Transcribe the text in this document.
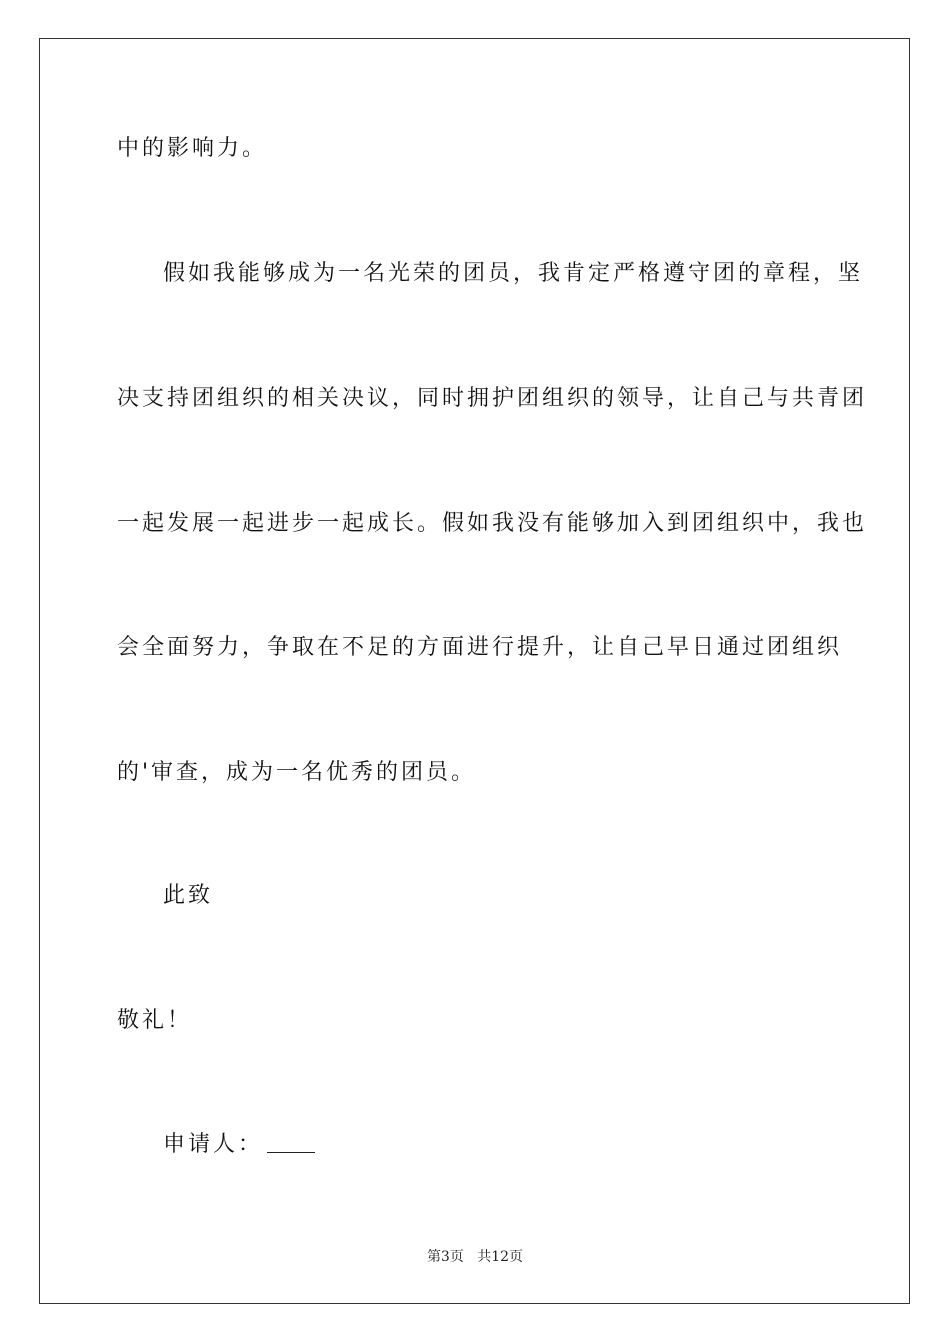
中的影响力。
假如我能够成为一名光荣的团员，我肯定严格遵守团的章程，坚
决支持团组织的相关决议，同时拥护团组织的领导，让自己与共青团
一起发展一起进步一起成长。假如我没有能够加入到团组织中，我也
会全面努力，争取在不足的方面进行提升，让自己早日通过团组织
的'审查，成为一名优秀的团员。
此致
敬礼！
申请人：
第3页 共12页
